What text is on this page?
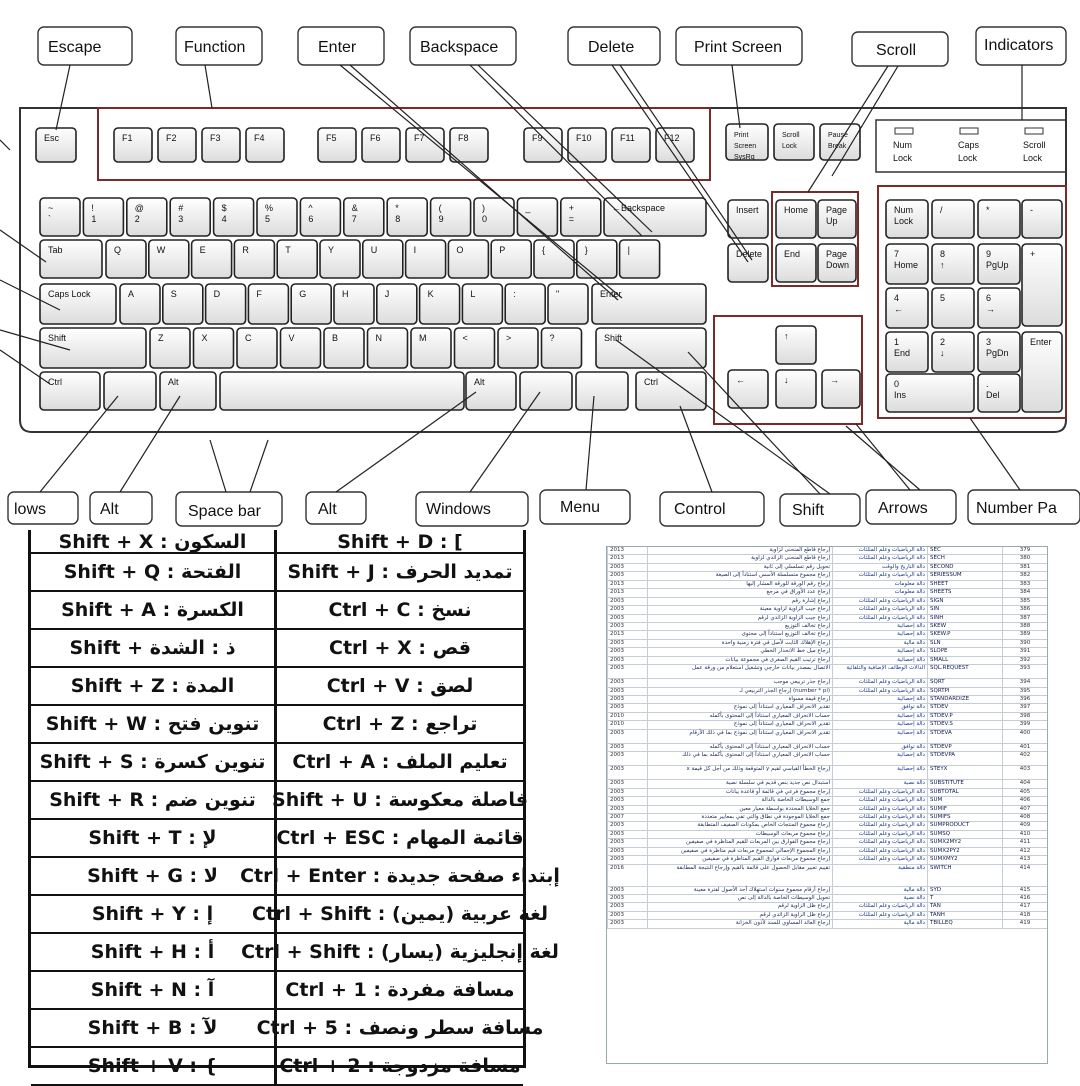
Esc	F1	F2	F3	F4	F5	F6	F7	F8	F9	F10	F11	F12	Print
Screen
SysRq
Scroll
Lock
Pause
Break
~
`
!
1
@
2
#
3
$
4
%
5
^
6
&
7
*
8
(
9
)
0
_
-
+
=
←Backspace
Tab	Q	W	E	R	T	Y	U	I	O	P	{	}	|
Caps Lock	A	S	D	F	G	H	J	K	L	:	"	Enter
Shift	Z	X	C	V	B	N	M	<	>	?	Shift
Ctrl	Alt	Alt	Ctrl
Insert	Home Page
Up
Delete End	Page
Down
↑
←	↓	→
Num
Lock
/	*	-
7
Home
8
↑
9
PgUp
+
4
←
5	6
→
1
End
2
↓
3
PgDn
Enter
0
Ins
.
Del
Num
Lock
Caps
Lock
Scroll
Lock
Escape	Function	Enter	Backspace	Delete	Print Screen	Scroll	Indicators
lows	Alt	Space bar	Alt	Windows	Menu	Control	Shift	Arrows	Number Pa
Shift + X : السكون	Shift + D : [
Shift + Q : الفتحة	Shift + J : تمديد الحرف
Shift + A : الكسرة	Ctrl + C : نسخ
Shift + ذ : الشدة	Ctrl + X : قص
Shift + Z : المدة	Ctrl + V : لصق
Shift + W : تنوين فتح	Ctrl + Z : تراجع
Shift + S : تنوين كسرة	Ctrl + A : تعليم الملف
Shift + R : تنوين ضم Shift + U : فاصلة معكوسة
Shift + T : لإ	Ctrl + ESC : قائمة المهام
Shift + G : لا	Ctrl + Enter : إبتداء صفحة جديدة
Shift + Y : إ	Ctrl + Shift : (يمين) لغة عربية
Shift + H : أ	Ctrl + Shift : (يسار) لغة إنجليزية
Shift + N : آ	Ctrl + 1 : مسافة مفردة
Shift + B : لآ	Ctrl + 5 : مسافة سطر ونصف
Shift + V : {	Ctrl + 2 : مسافة مزدوجة
2013	إرجاع قاطع المنحنى لزاوية	دالة الرياضيات وعلم المثلثات SEC	379
2013	إرجاع قاطع المنحنى الزائدي لزاوية	دالة الرياضيات وعلم المثلثات SECH	380
2003	تحويل رقم تسلسلي إلى ثانية	دالة التاريخ والوقت SECOND	381
2003	إرجاع مجموع متسلسلة الأسس استناداً إلى الصيغة	دالة الرياضيات وعلم المثلثات SERIESSUM	382
2013	إرجاع رقم الورقة للورقة المشار إليها	دالة معلومات SHEET	383
2013	إرجاع عدد الأوراق في مرجع	دالة معلومات SHEETS	384
2003	إرجاع إشارة رقم	دالة الرياضيات وعلم المثلثات SIGN	385
2003	إرجاع جيب الزاوية لزاوية معينة	دالة الرياضيات وعلم المثلثات SIN	386
2003	إرجاع جيب الزاوية الزائدي لرقم	دالة الرياضيات وعلم المثلثات SINH	387
2003	إرجاع تخالف التوزيع	دالة إحصائية SKEW	388
2013	إرجاع تخالف التوزيع استناداً إلى محتوى	دالة إحصائية SKEW.P	389
2003	إرجاع الإهلاك الثابت لأصل في فترة زمنية واحدة	دالة مالية SLN	390
2003	إرجاع ميل خط الانحدار الخطي	دالة إحصائية SLOPE	391
2003	إرجاع ترتيب القيم الصغرى في مجموعة بيانات	دالة إحصائية SMALL	392
2003	الاتصال بمصدر بيانات خارجي وتشغيل استعلام من ورقة عمل	الدالات الوظائف الإضافية والتلقائية SQL.REQUEST	393
2003	إرجاع جذر تربيعي موجب	دالة الرياضيات وعلم المثلثات SQRT	394
2003	(number * pi) إرجاع الجذر التربيعي لـ	دالة الرياضيات وعلم المثلثات SQRTPI	395
2003	إرجاع قيمة مسواة	دالة إحصائية STANDARDIZE	396
2003	تقدير الانحراف المعياري استناداً إلى نموذج	دالة توافق STDEV	397
2010	حساب الانحراف المعياري استناداً إلى المحتوى بأكمله	دالة إحصائية STDEV.P	398
2010	تقدير الانحراف المعياري استناداً إلى نموذج	دالة إحصائية STDEV.S	399
2003	تقدير الانحراف المعياري استناداً إلى نموذج بما في ذلك الأرقام	دالة إحصائية STDEVA	400
2003	حساب الانحراف المعياري استناداً إلى المحتوى بأكمله	دالة توافق STDEVP	401
2003	حساب الانحراف المعياري استناداً إلى المحتوى بأكمله بما في ذلك	دالة إحصائية STDEVPA	402
2003	إرجاع الخطأ القياسي لقيم y المتوقعة وذلك من أجل كل قيمة x	دالة إحصائية STEYX	403
2003	استبدال نص جديد بنص قديم في سلسلة نصية	دالة نصية SUBSTITUTE	404
2003	إرجاع مجموع فرعي في قائمة أو قاعدة بيانات	دالة الرياضيات وعلم المثلثات SUBTOTAL	405
2003	جمع الوسيطات الخاصة بالدالة	دالة الرياضيات وعلم المثلثات SUM	406
2003	جمع الخلايا المحددة بواسطة معيار معين	دالة الرياضيات وعلم المثلثات SUMIF	407
2007	جمع الخلايا الموجودة في نطاق والتي تفي بمعايير متعددة	دالة الرياضيات وعلم المثلثات SUMIFS	408
2003	إرجاع مجموع المنتجات الخاص بمكونات الصفيف المتطابقة	دالة الرياضيات وعلم المثلثات SUMPRODUCT	409
2003	إرجاع مجموع مربعات الوسيطات	دالة الرياضيات وعلم المثلثات SUMSQ	410
2003	إرجاع مجموع الفوارق بين المربعات للقيم المتاظرة في صفيفين	دالة الرياضيات وعلم المثلثات SUMX2MY2	411
2003	إرجاع المجموع الإجمالي لمجموع مربعات قيم متاظرة في صفيفين	دالة الرياضيات وعلم المثلثات SUMX2PY2	412
2003	إرجاع مجموع مربعات فوارق القيم المتاظرة في صفيفين	دالة الرياضيات وعلم المثلثات SUMXMY2	413
2016	تقييم تعبير مقابل الحصول على قائمة بالقيم وإرجاع النتيجة المطابقة	دالة منطقية SWITCH	414
2003	إرجاع أرقام مجموع سنوات استهلاك أحد الأصول لفترة معينة	دالة مالية SYD	415
2003	تحويل الوسيطات الخاصة بالدالة إلى نص	دالة نصية T	416
2003	إرجاع ظل الزاوية لرقم	دالة الرياضيات وعلم المثلثات TAN	417
2003	إرجاع ظل الزاوية الزائدي لرقم	دالة الرياضيات وعلم المثلثات TANH	418
2003	إرجاع العائد المساوي للسند لأذون الخزانة	دالة مالية TBILLEQ	419
